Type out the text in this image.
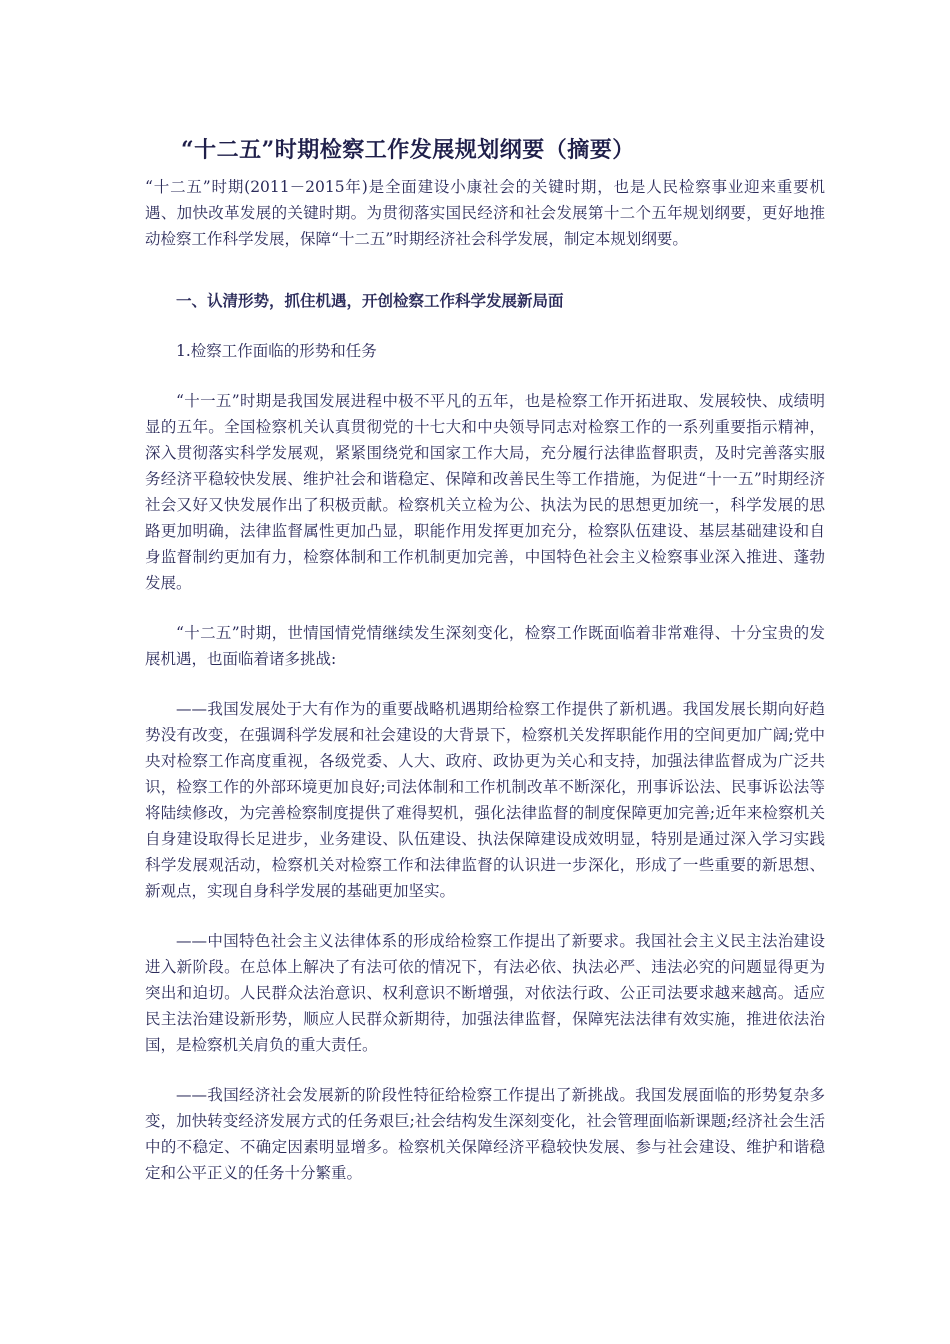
“十二五”时期检察工作发展规划纲要（摘要）

“十二五”时期(2011－2015年)是全面建设小康社会的关键时期，也是人民检察事业迎来重要机遇、加快改革发展的关键时期。为贯彻落实国民经济和社会发展第十二个五年规划纲要，更好地推动检察工作科学发展，保障“十二五”时期经济社会科学发展，制定本规划纲要。

一、认清形势，抓住机遇，开创检察工作科学发展新局面
1.检察工作面临的形势和任务

“十一五”时期是我国发展进程中极不平凡的五年，也是检察工作开拓进取、发展较快、成绩明显的五年。全国检察机关认真贯彻党的十七大和中央领导同志对检察工作的一系列重要指示精神，深入贯彻落实科学发展观，紧紧围绕党和国家工作大局，充分履行法律监督职责，及时完善落实服务经济平稳较快发展、维护社会和谐稳定、保障和改善民生等工作措施，为促进“十一五”时期经济社会又好又快发展作出了积极贡献。检察机关立检为公、执法为民的思想更加统一，科学发展的思路更加明确，法律监督属性更加凸显，职能作用发挥更加充分，检察队伍建设、基层基础建设和自身监督制约更加有力，检察体制和工作机制更加完善，中国特色社会主义检察事业深入推进、蓬勃发展。

“十二五”时期，世情国情党情继续发生深刻变化，检察工作既面临着非常难得、十分宝贵的发展机遇，也面临着诸多挑战:

——我国发展处于大有作为的重要战略机遇期给检察工作提供了新机遇。我国发展长期向好趋势没有改变，在强调科学发展和社会建设的大背景下，检察机关发挥职能作用的空间更加广阔;党中央对检察工作高度重视，各级党委、人大、政府、政协更为关心和支持，加强法律监督成为广泛共识，检察工作的外部环境更加良好;司法体制和工作机制改革不断深化，刑事诉讼法、民事诉讼法等将陆续修改，为完善检察制度提供了难得契机，强化法律监督的制度保障更加完善;近年来检察机关自身建设取得长足进步，业务建设、队伍建设、执法保障建设成效明显，特别是通过深入学习实践科学发展观活动，检察机关对检察工作和法律监督的认识进一步深化，形成了一些重要的新思想、新观点，实现自身科学发展的基础更加坚实。

——中国特色社会主义法律体系的形成给检察工作提出了新要求。我国社会主义民主法治建设进入新阶段。在总体上解决了有法可依的情况下，有法必依、执法必严、违法必究的问题显得更为突出和迫切。人民群众法治意识、权利意识不断增强，对依法行政、公正司法要求越来越高。适应民主法治建设新形势，顺应人民群众新期待，加强法律监督，保障宪法法律有效实施，推进依法治国，是检察机关肩负的重大责任。

——我国经济社会发展新的阶段性特征给检察工作提出了新挑战。我国发展面临的形势复杂多变，加快转变经济发展方式的任务艰巨;社会结构发生深刻变化，社会管理面临新课题;经济社会生活中的不稳定、不确定因素明显增多。检察机关保障经济平稳较快发展、参与社会建设、维护和谐稳定和公平正义的任务十分繁重。
